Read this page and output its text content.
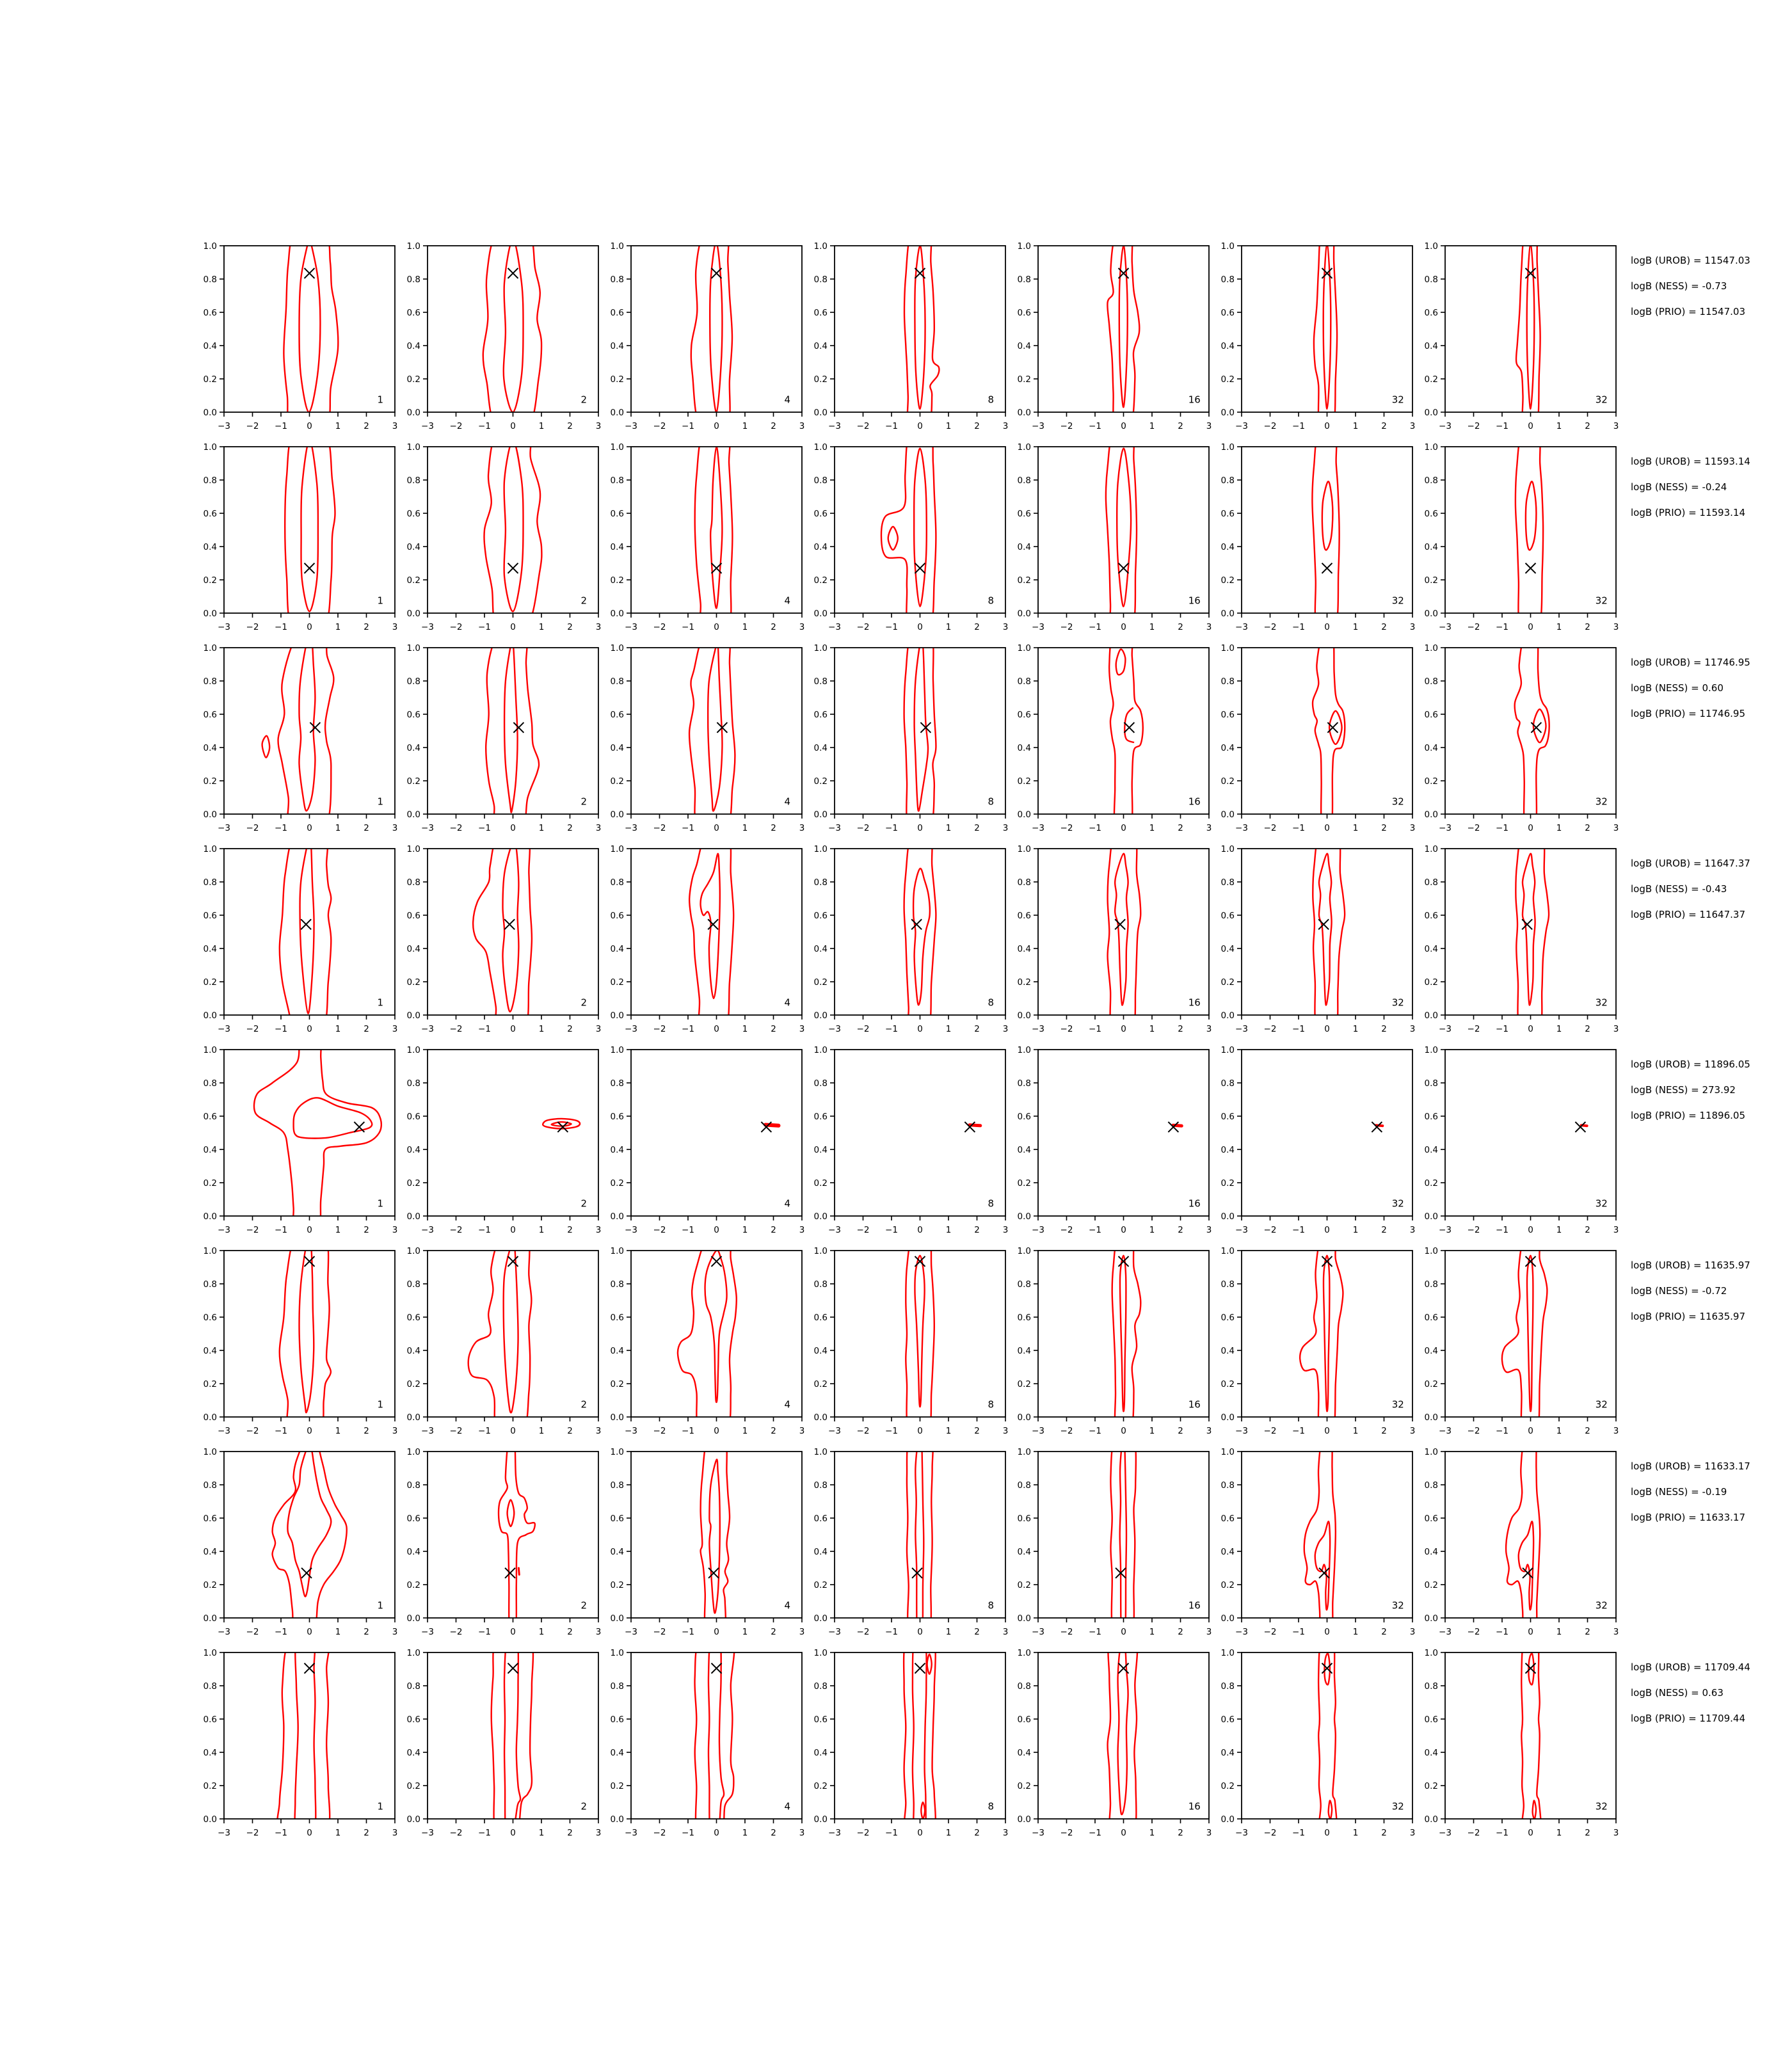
−3 −2 −1 0	1	2	3
0.0
0.2
0.4
0.6
0.8
1.0
1
−3 −2 −1 0	1	2	3
0.0
0.2
0.4
0.6
0.8
1.0
2
−3 −2 −1 0	1	2	3
0.0
0.2
0.4
0.6
0.8
1.0
4
−3 −2 −1 0	1	2	3
0.0
0.2
0.4
0.6
0.8
1.0
8
−3 −2 −1 0	1	2	3
0.0
0.2
0.4
0.6
0.8
1.0
16
−3 −2 −1 0	1	2	3
0.0
0.2
0.4
0.6
0.8
1.0
32
−3 −2 −1 0	1	2	3
0.0
0.2
0.4
0.6
0.8
1.0
32
−3 −2 −1 0	1	2	3
0.0
0.2
0.4
0.6
0.8
1.0
1
−3 −2 −1 0	1	2	3
0.0
0.2
0.4
0.6
0.8
1.0
2
−3 −2 −1 0	1	2	3
0.0
0.2
0.4
0.6
0.8
1.0
4
−3 −2 −1 0	1	2	3
0.0
0.2
0.4
0.6
0.8
1.0
8
−3 −2 −1 0	1	2	3
0.0
0.2
0.4
0.6
0.8
1.0
16
−3 −2 −1 0	1	2	3
0.0
0.2
0.4
0.6
0.8
1.0
32
−3 −2 −1 0	1	2	3
0.0
0.2
0.4
0.6
0.8
1.0
32
−3 −2 −1 0	1	2	3
0.0
0.2
0.4
0.6
0.8
1.0
1
−3 −2 −1 0	1	2	3
0.0
0.2
0.4
0.6
0.8
1.0
2
−3 −2 −1 0	1	2	3
0.0
0.2
0.4
0.6
0.8
1.0
4
−3 −2 −1 0	1	2	3
0.0
0.2
0.4
0.6
0.8
1.0
8
−3 −2 −1 0	1	2	3
0.0
0.2
0.4
0.6
0.8
1.0
16
−3 −2 −1 0	1	2	3
0.0
0.2
0.4
0.6
0.8
1.0
32
−3 −2 −1 0	1	2	3
0.0
0.2
0.4
0.6
0.8
1.0
32
−3 −2 −1 0	1	2	3
0.0
0.2
0.4
0.6
0.8
1.0
1
−3 −2 −1 0	1	2	3
0.0
0.2
0.4
0.6
0.8
1.0
2
−3 −2 −1 0	1	2	3
0.0
0.2
0.4
0.6
0.8
1.0
4
−3 −2 −1 0	1	2	3
0.0
0.2
0.4
0.6
0.8
1.0
8
−3 −2 −1 0	1	2	3
0.0
0.2
0.4
0.6
0.8
1.0
16
−3 −2 −1 0	1	2	3
0.0
0.2
0.4
0.6
0.8
1.0
32
−3 −2 −1 0	1	2	3
0.0
0.2
0.4
0.6
0.8
1.0
32
−3 −2 −1 0	1	2	3
0.0
0.2
0.4
0.6
0.8
1.0
1
−3 −2 −1 0	1	2	3
0.0
0.2
0.4
0.6
0.8
1.0
2
−3 −2 −1 0	1	2	3
0.0
0.2
0.4
0.6
0.8
1.0
4
−3 −2 −1 0	1	2	3
0.0
0.2
0.4
0.6
0.8
1.0
8
−3 −2 −1 0	1	2	3
0.0
0.2
0.4
0.6
0.8
1.0
16
−3 −2 −1 0	1	2	3
0.0
0.2
0.4
0.6
0.8
1.0
32
−3 −2 −1 0	1	2	3
0.0
0.2
0.4
0.6
0.8
1.0
32
−3 −2 −1 0	1	2	3
0.0
0.2
0.4
0.6
0.8
1.0
1
−3 −2 −1 0	1	2	3
0.0
0.2
0.4
0.6
0.8
1.0
2
−3 −2 −1 0	1	2	3
0.0
0.2
0.4
0.6
0.8
1.0
4
−3 −2 −1 0	1	2	3
0.0
0.2
0.4
0.6
0.8
1.0
8
−3 −2 −1 0	1	2	3
0.0
0.2
0.4
0.6
0.8
1.0
16
−3 −2 −1 0	1	2	3
0.0
0.2
0.4
0.6
0.8
1.0
32
−3 −2 −1 0	1	2	3
0.0
0.2
0.4
0.6
0.8
1.0
32
−3 −2 −1 0	1	2	3
0.0
0.2
0.4
0.6
0.8
1.0
1
−3 −2 −1 0	1	2	3
0.0
0.2
0.4
0.6
0.8
1.0
2
−3 −2 −1 0	1	2	3
0.0
0.2
0.4
0.6
0.8
1.0
4
−3 −2 −1 0	1	2	3
0.0
0.2
0.4
0.6
0.8
1.0
8
−3 −2 −1 0	1	2	3
0.0
0.2
0.4
0.6
0.8
1.0
16
−3 −2 −1 0	1	2	3
0.0
0.2
0.4
0.6
0.8
1.0
32
−3 −2 −1 0	1	2	3
0.0
0.2
0.4
0.6
0.8
1.0
32
−3 −2 −1 0	1	2	3
0.0
0.2
0.4
0.6
0.8
1.0
1
−3 −2 −1 0	1	2	3
0.0
0.2
0.4
0.6
0.8
1.0
2
−3 −2 −1 0	1	2	3
0.0
0.2
0.4
0.6
0.8
1.0
4
−3 −2 −1 0	1	2	3
0.0
0.2
0.4
0.6
0.8
1.0
8
−3 −2 −1 0	1	2	3
0.0
0.2
0.4
0.6
0.8
1.0
16
−3 −2 −1 0	1	2	3
0.0
0.2
0.4
0.6
0.8
1.0
32
−3 −2 −1 0	1	2	3
0.0
0.2
0.4
0.6
0.8
1.0
32
logB (UROB) = 11547.03
logB (NESS) = -0.73
logB (PRIO) = 11547.03
logB (UROB) = 11593.14
logB (NESS) = -0.24
logB (PRIO) = 11593.14
logB (UROB) = 11746.95
logB (NESS) = 0.60
logB (PRIO) = 11746.95
logB (UROB) = 11647.37
logB (NESS) = -0.43
logB (PRIO) = 11647.37
logB (UROB) = 11896.05
logB (NESS) = 273.92
logB (PRIO) = 11896.05
logB (UROB) = 11635.97
logB (NESS) = -0.72
logB (PRIO) = 11635.97
logB (UROB) = 11633.17
logB (NESS) = -0.19
logB (PRIO) = 11633.17
logB (UROB) = 11709.44
logB (NESS) = 0.63
logB (PRIO) = 11709.44
